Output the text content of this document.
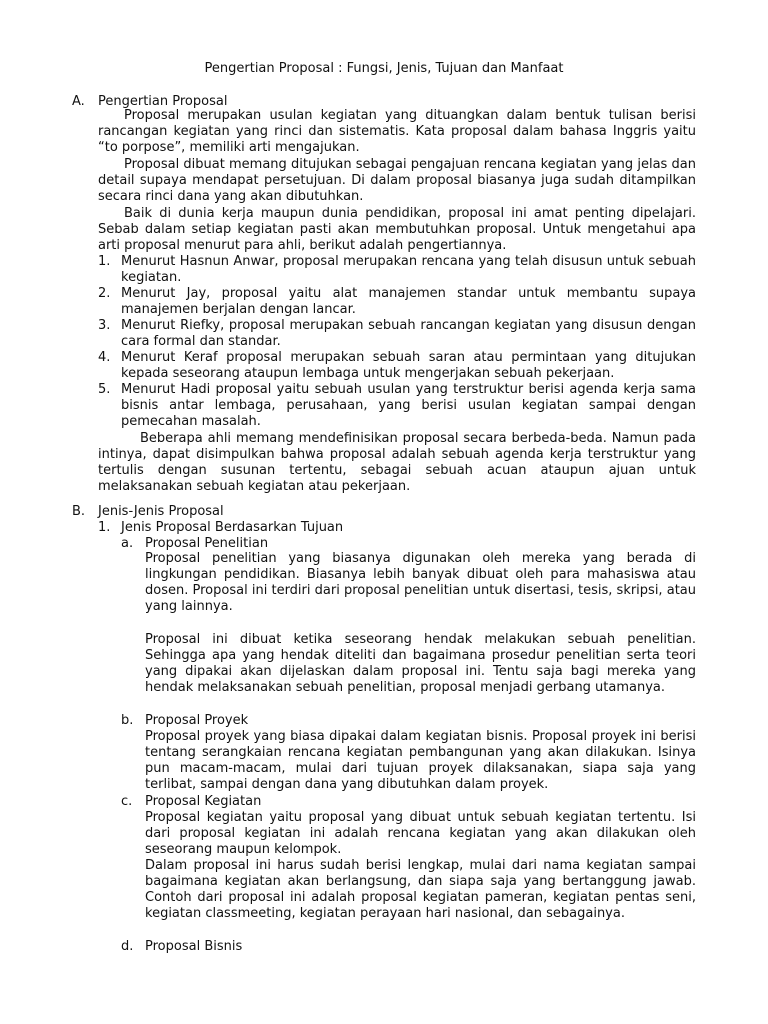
Pengertian Proposal : Fungsi, Jenis, Tujuan dan Manfaat
A. Pengertian Proposal
Proposal merupakan usulan kegiatan yang dituangkan dalam bentuk tulisan berisi rancangan kegiatan yang rinci dan sistematis. Kata proposal dalam bahasa Inggris yaitu “to porpose”, memiliki arti mengajukan.
Proposal dibuat memang ditujukan sebagai pengajuan rencana kegiatan yang jelas dan detail supaya mendapat persetujuan. Di dalam proposal biasanya juga sudah ditampilkan secara rinci dana yang akan dibutuhkan.
Baik di dunia kerja maupun dunia pendidikan, proposal ini amat penting dipelajari. Sebab dalam setiap kegiatan pasti akan membutuhkan proposal. Untuk mengetahui apa arti proposal menurut para ahli, berikut adalah pengertiannya.
1. Menurut Hasnun Anwar, proposal merupakan rencana yang telah disusun untuk sebuah kegiatan.
2. Menurut Jay, proposal yaitu alat manajemen standar untuk membantu supaya manajemen berjalan dengan lancar.
3. Menurut Riefky, proposal merupakan sebuah rancangan kegiatan yang disusun dengan cara formal dan standar.
4. Menurut Keraf proposal merupakan sebuah saran atau permintaan yang ditujukan kepada seseorang ataupun lembaga untuk mengerjakan sebuah pekerjaan.
5. Menurut Hadi proposal yaitu sebuah usulan yang terstruktur berisi agenda kerja sama bisnis antar lembaga, perusahaan, yang berisi usulan kegiatan sampai dengan pemecahan masalah.
Beberapa ahli memang mendefinisikan proposal secara berbeda-beda. Namun pada intinya, dapat disimpulkan bahwa proposal adalah sebuah agenda kerja terstruktur yang tertulis dengan susunan tertentu, sebagai sebuah acuan ataupun ajuan untuk melaksanakan sebuah kegiatan atau pekerjaan.
B. Jenis-Jenis Proposal
1. Jenis Proposal Berdasarkan Tujuan
a. Proposal Penelitian
Proposal penelitian yang biasanya digunakan oleh mereka yang berada di lingkungan pendidikan. Biasanya lebih banyak dibuat oleh para mahasiswa atau dosen. Proposal ini terdiri dari proposal penelitian untuk disertasi, tesis, skripsi, atau yang lainnya.
Proposal ini dibuat ketika seseorang hendak melakukan sebuah penelitian. Sehingga apa yang hendak diteliti dan bagaimana prosedur penelitian serta teori yang dipakai akan dijelaskan dalam proposal ini. Tentu saja bagi mereka yang hendak melaksanakan sebuah penelitian, proposal menjadi gerbang utamanya.
b. Proposal Proyek
Proposal proyek yang biasa dipakai dalam kegiatan bisnis. Proposal proyek ini berisi tentang serangkaian rencana kegiatan pembangunan yang akan dilakukan. Isinya pun macam-macam, mulai dari tujuan proyek dilaksanakan, siapa saja yang terlibat, sampai dengan dana yang dibutuhkan dalam proyek.
c. Proposal Kegiatan
Proposal kegiatan yaitu proposal yang dibuat untuk sebuah kegiatan tertentu. Isi dari proposal kegiatan ini adalah rencana kegiatan yang akan dilakukan oleh seseorang maupun kelompok.
Dalam proposal ini harus sudah berisi lengkap, mulai dari nama kegiatan sampai bagaimana kegiatan akan berlangsung, dan siapa saja yang bertanggung jawab. Contoh dari proposal ini adalah proposal kegiatan pameran, kegiatan pentas seni, kegiatan classmeeting, kegiatan perayaan hari nasional, dan sebagainya.
d. Proposal Bisnis
